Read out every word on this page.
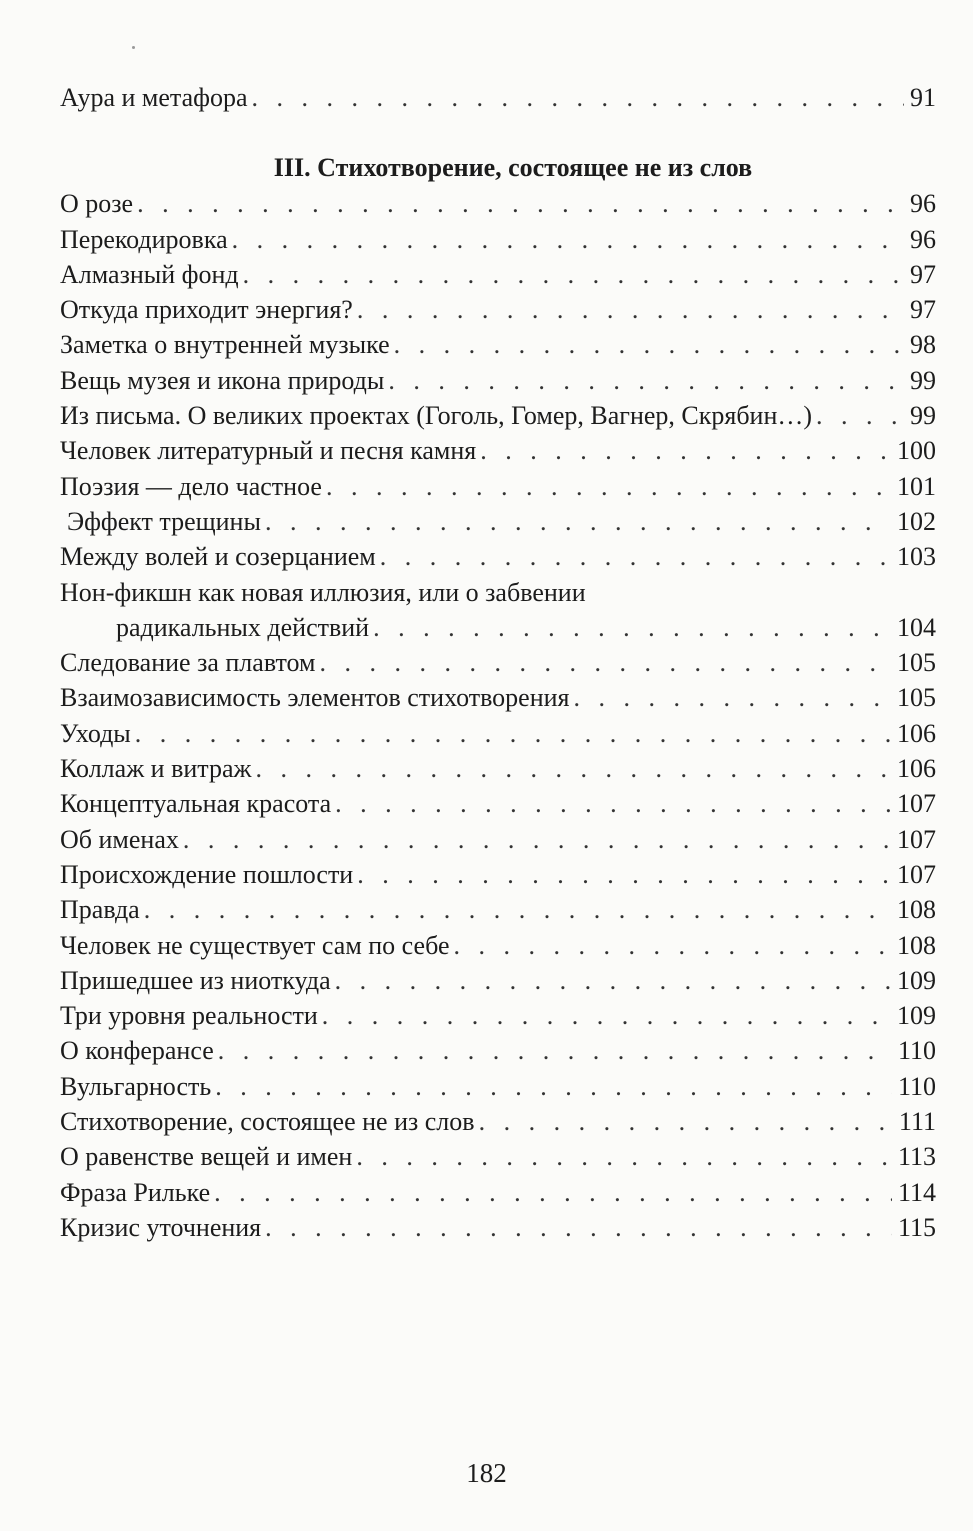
Аура и метафора . . .	91
III. Стихотворение, состоящее не из слов
О розе . . .	96
Перекодировка . . .	96
Алмазный фонд . . .	97
Откуда приходит энергия? . . .	97
Заметка о внутренней музыке . . .	98
Вещь музея и икона природы . . .	99
Из письма. О великих проектах (Гоголь, Гомер, Вагнер, Скрябин…) . . .	99
Человек литературный и песня камня . . .	100
Поэзия — дело частное . . .	101
Эффект трещины . . .	102
Между волей и созерцанием . . .	103
Нон-фикшн как новая иллюзия, или о забвении
радикальных действий . . .	104
Следование за плавтом . . .	105
Взаимозависимость элементов стихотворения . . .	105
Уходы . . .	106
Коллаж и витраж . . .	106
Концептуальная красота . . .	107
Об именах . . .	107
Происхождение пошлости . . .	107
Правда . . .	108
Человек не существует сам по себе . . .	108
Пришедшее из ниоткуда . . .	109
Три уровня реальности . . .	109
О конферансе . . .	110
Вульгарность . . .	110
Стихотворение, состоящее не из слов . . .	111
О равенстве вещей и имен . . .	113
Фраза Рильке . . .	114
Кризис уточнения . . .	115
182
